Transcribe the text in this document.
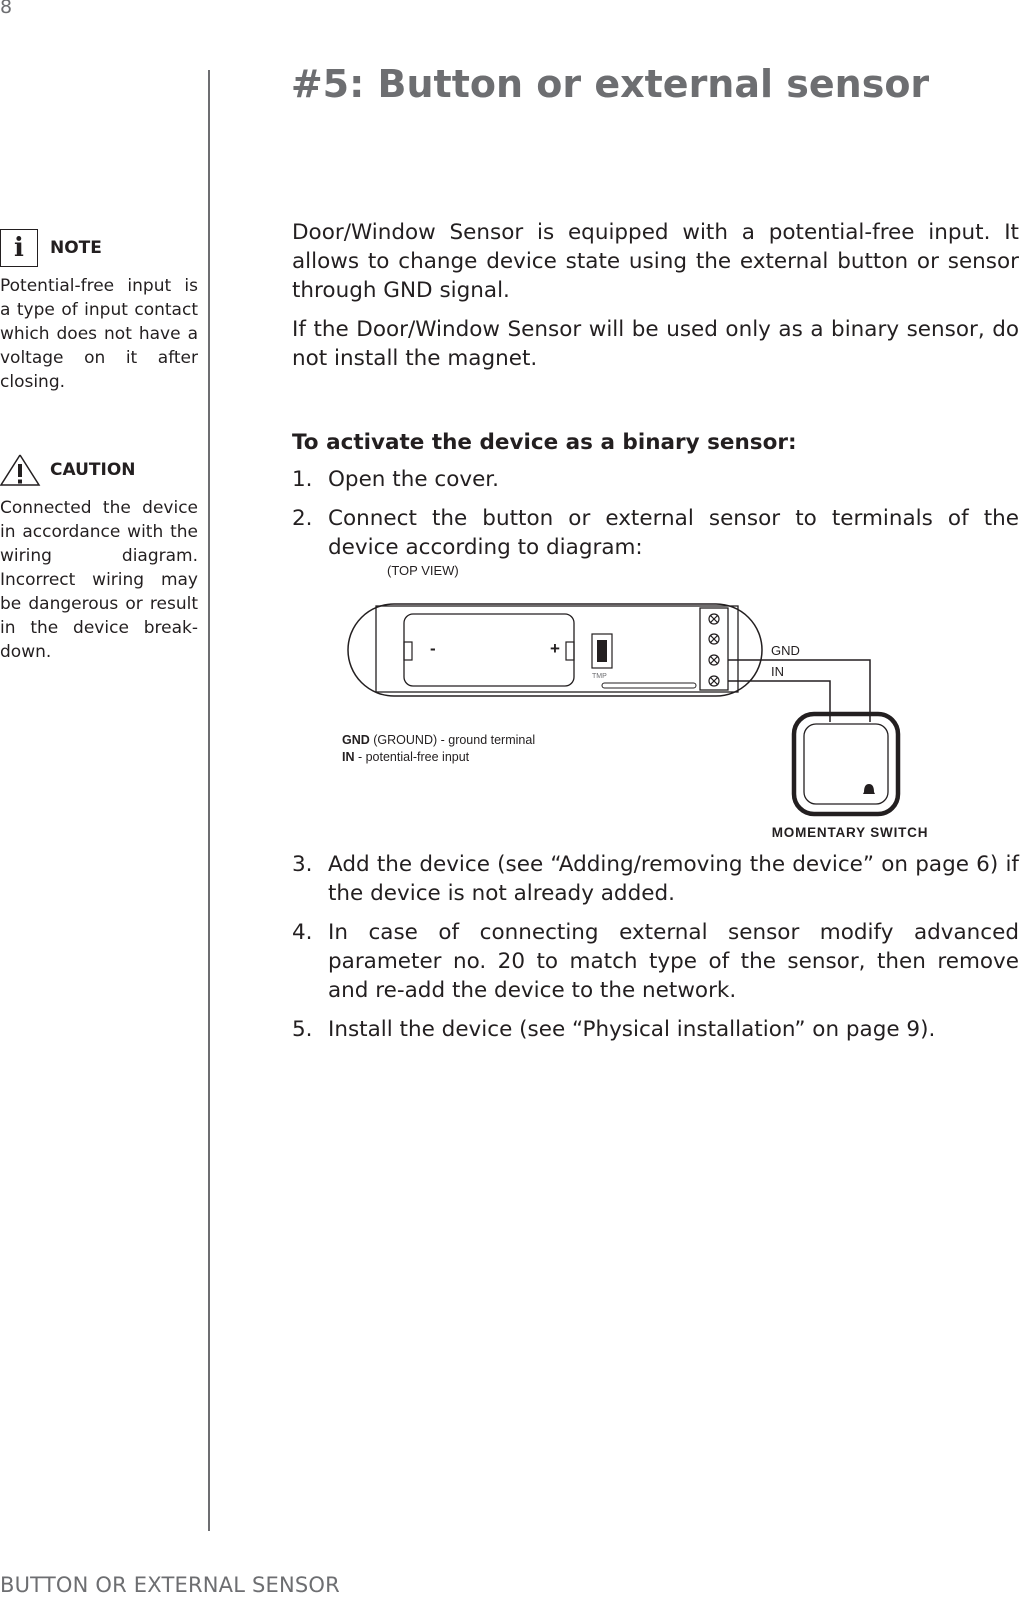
8
#5: Button or external sensor
i	NOTE
Potential-free input is a type of input contact which does not have a voltage on it after closing.
CAUTION
Connected the device in accordance with the wiring diagram. Incorrect wiring may be dangerous or result in the device break-down.

Door/Window Sensor is equipped with a potential-free input. It allows to change device state using the external button or sensor through GND signal.

If the Door/Window Sensor will be used only as a binary sensor, do not install the magnet.

To activate the device as a binary sensor:

1. Open the cover.
2. Connect the button or external sensor to terminals of the device according to diagram:
(TOP VIEW)
-	+
TMP
GND
IN
GND (GROUND) - ground terminal
IN - potential-free input
MOMENTARY SWITCH
3. Add the device (see “Adding/removing the device” on page 6) if the device is not already added.
4. In case of connecting external sensor modify advanced parameter no. 20 to match type of the sensor, then remove and re-add the device to the network.
5. Install the device (see “Physical installation” on page 9).
BUTTON OR EXTERNAL SENSOR
